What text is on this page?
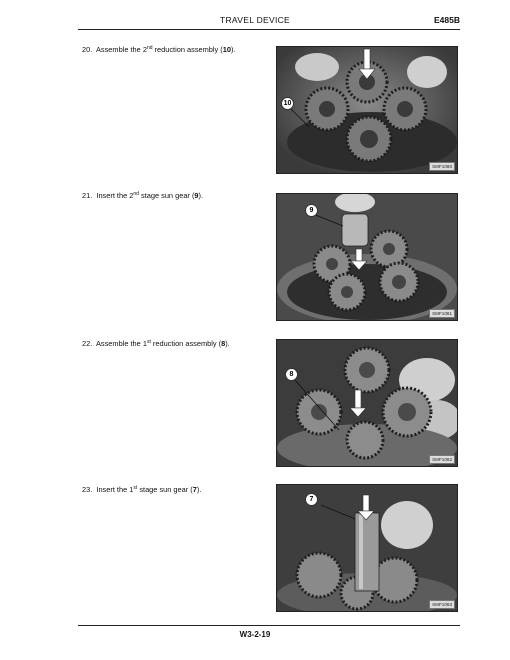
TRAVEL DEVICE	E485B
20. Assemble the 2nd reduction assembly (10).
10
SMF1080
21. Insert the 2nd stage sun gear (9).
9
SMF1081
22. Assemble the 1st reduction assembly (8).
8
SMF1082
23. Insert the 1st stage sun gear (7).
7
SMF1083
W3-2-19
